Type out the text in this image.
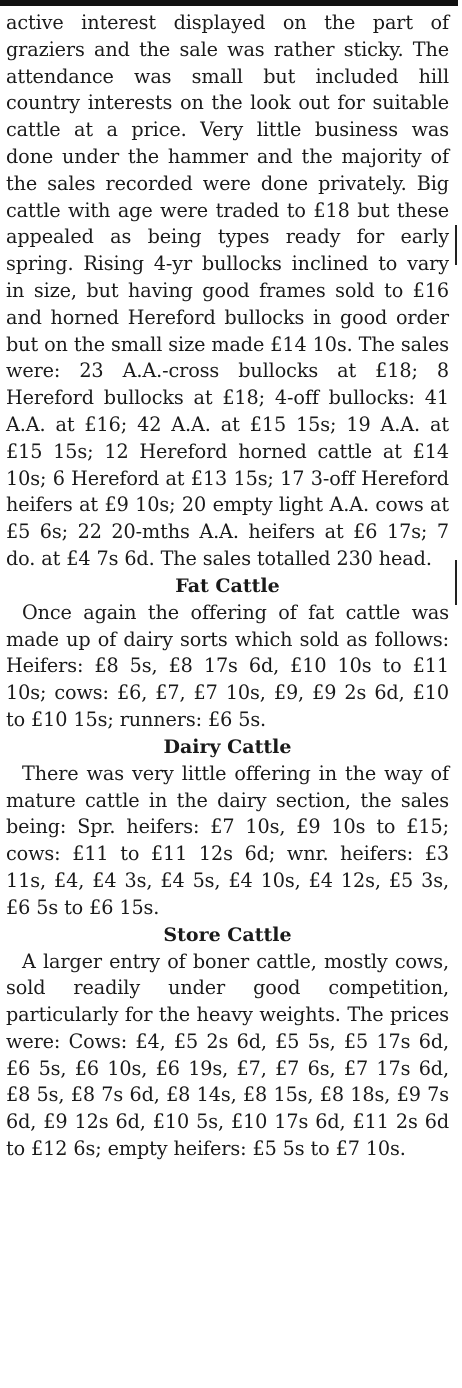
active interest displayed on the part of graziers and the sale was rather sticky. The attendance was small but included hill country interests on the look out for suitable cattle at a price. Very little business was done under the hammer and the majority of the sales recorded were done privately. Big cattle with age were traded to £18 but these appealed as being types ready for early spring. Rising 4-yr bullocks inclined to vary in size, but having good frames sold to £16 and horned Hereford bullocks in good order but on the small size made £14 10s. The sales were: 23 A.A.-cross bullocks at £18; 8 Hereford bullocks at £18; 4-off bullocks: 41 A.A. at £16; 42 A.A. at £15 15s; 19 A.A. at £15 15s; 12 Hereford horned cattle at £14 10s; 6 Hereford at £13 15s; 17 3-off Hereford heifers at £9 10s; 20 empty light A.A. cows at £5 6s; 22 20-mths A.A. heifers at £6 17s; 7 do. at £4 7s 6d. The sales totalled 230 head.

Fat Cattle

Once again the offering of fat cattle was made up of dairy sorts which sold as follows: Heifers: £8 5s, £8 17s 6d, £10 10s to £11 10s; cows: £6, £7, £7 10s, £9, £9 2s 6d, £10 to £10 15s; runners: £6 5s.

Dairy Cattle

There was very little offering in the way of mature cattle in the dairy section, the sales being: Spr. heifers: £7 10s, £9 10s to £15; cows: £11 to £11 12s 6d; wnr. heifers: £3 11s, £4, £4 3s, £4 5s, £4 10s, £4 12s, £5 3s, £6 5s to £6 15s.

Store Cattle

A larger entry of boner cattle, mostly cows, sold readily under good competition, particularly for the heavy weights. The prices were: Cows: £4, £5 2s 6d, £5 5s, £5 17s 6d, £6 5s, £6 10s, £6 19s, £7, £7 6s, £7 17s 6d, £8 5s, £8 7s 6d, £8 14s, £8 15s, £8 18s, £9 7s 6d, £9 12s 6d, £10 5s, £10 17s 6d, £11 2s 6d to £12 6s; empty heifers: £5 5s to £7 10s.
